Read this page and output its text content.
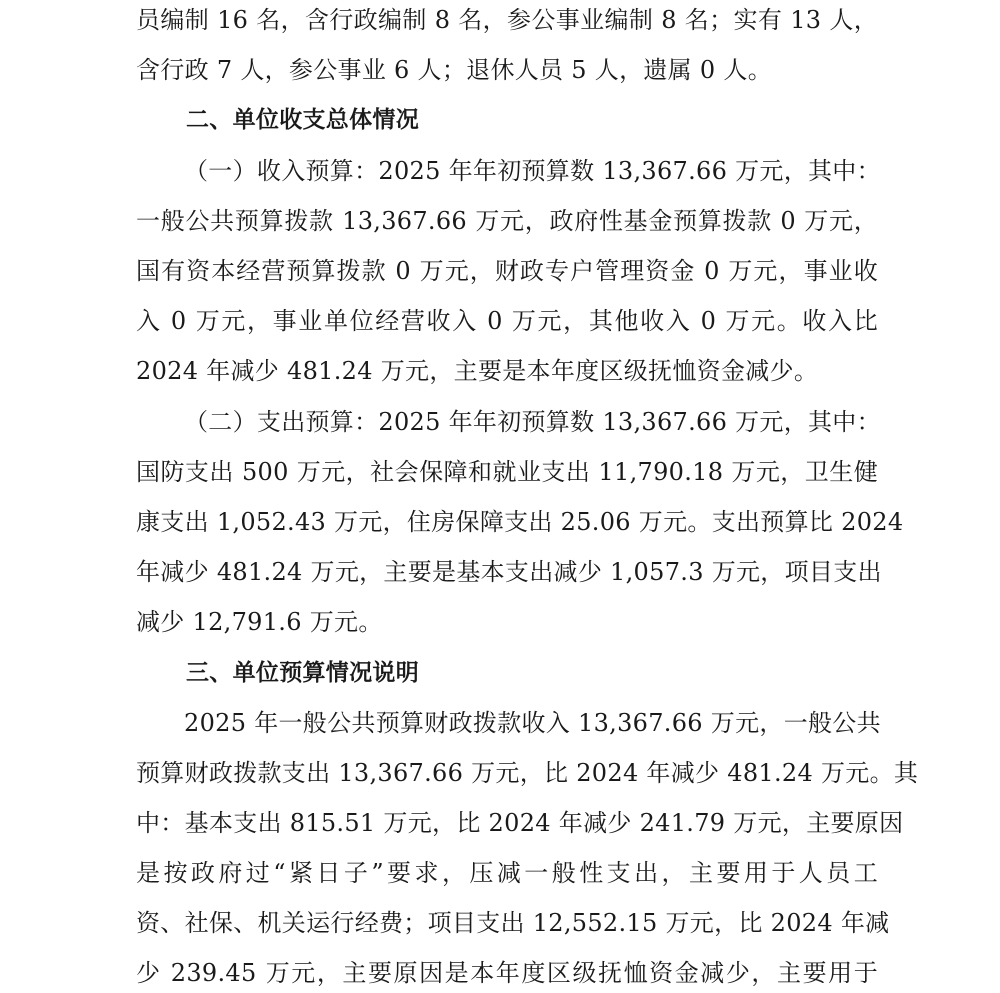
员编制 16 名，含行政编制 8 名，参公事业编制 8 名；实有 13 人，
含行政 7 人，参公事业 6 人；退休人员 5 人，遗属 0 人。
二、单位收支总体情况
（一）收入预算：2025 年年初预算数 13,367.66 万元，其中：
一般公共预算拨款 13,367.66 万元，政府性基金预算拨款 0 万元，
国有资本经营预算拨款 0 万元，财政专户管理资金 0 万元，事业收
入 0 万元，事业单位经营收入 0 万元，其他收入 0 万元。收入比
2024 年减少 481.24 万元，主要是本年度区级抚恤资金减少。
（二）支出预算：2025 年年初预算数 13,367.66 万元，其中：
国防支出 500 万元，社会保障和就业支出 11,790.18 万元，卫生健
康支出 1,052.43 万元，住房保障支出 25.06 万元。支出预算比 2024
年减少 481.24 万元，主要是基本支出减少 1,057.3 万元，项目支出
减少 12,791.6 万元。
三、单位预算情况说明
2025 年一般公共预算财政拨款收入 13,367.66 万元，一般公共
预算财政拨款支出 13,367.66 万元，比 2024 年减少 481.24 万元。其
中：基本支出 815.51 万元，比 2024 年减少 241.79 万元，主要原因
是按政府过“紧日子”要求，压减一般性支出，主要用于人员工
资、社保、机关运行经费；项目支出 12,552.15 万元，比 2024 年减
少 239.45 万元，主要原因是本年度区级抚恤资金减少，主要用于
